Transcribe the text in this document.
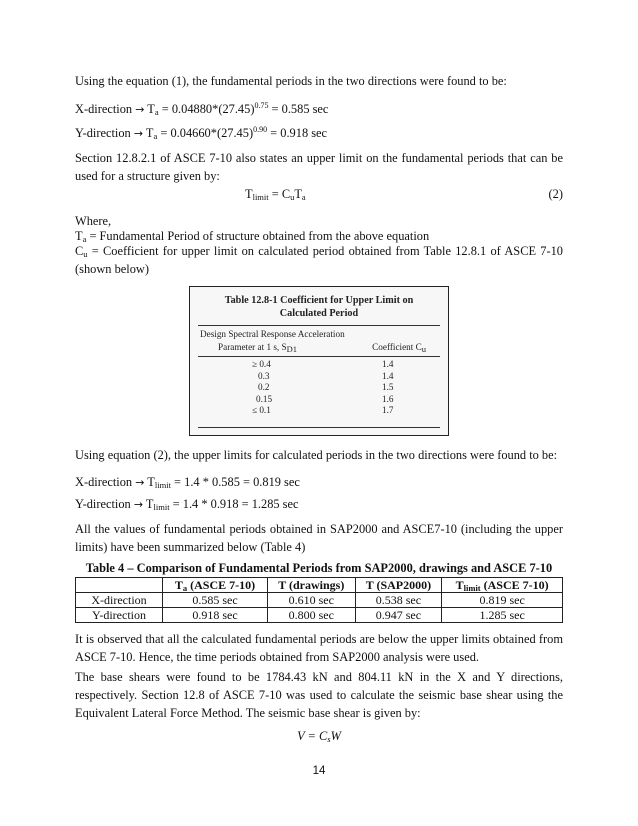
Using the equation (1), the fundamental periods in the two directions were found to be:
X-direction → $T_a = 0.04880*(27.45)^{0.75} = 0.585$ sec
Y-direction → $T_a = 0.04660*(27.45)^{0.90} = 0.918$ sec
Section 12.8.2.1 of ASCE 7-10 also states an upper limit on the fundamental periods that can be used for a structure given by:
$T_{limit} = C_uT_a$	(2)
Where,
$T_a$ = Fundamental Period of structure obtained from the above equation
$C_u$ = Coefficient for upper limit on calculated period obtained from Table 12.8.1 of ASCE 7-10 (shown below)
Table 12.8-1 Coefficient for Upper Limit on
Calculated Period
Design Spectral Response Acceleration
Parameter at 1 s, $S_{D1}$	Coefficient $C_u$
≥ 0.4	1.4
0.3	1.4
0.2	1.5
0.15	1.6
≤ 0.1	1.7
Using equation (2), the upper limits for calculated periods in the two directions were found to be:
X-direction → $T_{limit} = 1.4 * 0.585 = 0.819$ sec
Y-direction → $T_{limit} = 1.4 * 0.918 = 1.285$ sec
All the values of fundamental periods obtained in SAP2000 and ASCE7-10 (including the upper limits) have been summarized below (Table 4)
Table 4 – Comparison of Fundamental Periods from SAP2000, drawings and ASCE 7-10
	$T_a$ (ASCE 7-10)	T (drawings)	T (SAP2000)	$T_{limit}$ (ASCE 7-10)
X-direction	0.585 sec	0.610 sec	0.538 sec	0.819 sec
Y-direction	0.918 sec	0.800 sec	0.947 sec	1.285 sec
It is observed that all the calculated fundamental periods are below the upper limits obtained from ASCE 7-10. Hence, the time periods obtained from SAP2000 analysis were used.
The base shears were found to be 1784.43 kN and 804.11 kN in the X and Y directions, respectively. Section 12.8 of ASCE 7-10 was used to calculate the seismic base shear using the Equivalent Lateral Force Method. The seismic base shear is given by:
$V = C_sW$
14
